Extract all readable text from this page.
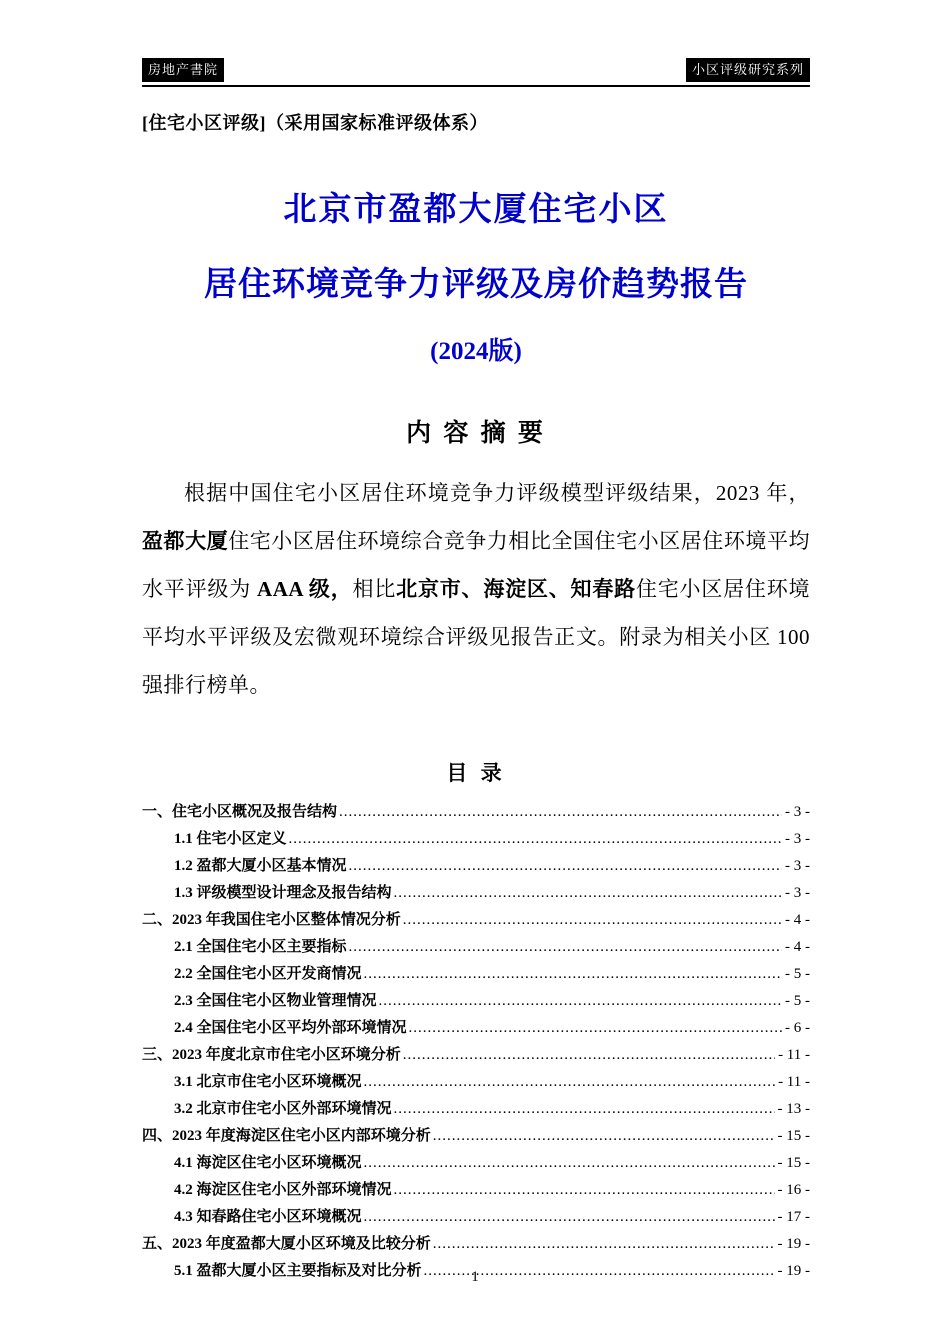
房地产書院	小区评级研究系列
[住宅小区评级]（采用国家标准评级体系）
北京市盈都大厦住宅小区
居住环境竞争力评级及房价趋势报告
(2024版)
内 容 摘 要
根据中国住宅小区居住环境竞争力评级模型评级结果，2023 年，盈都大厦住宅小区居住环境综合竞争力相比全国住宅小区居住环境平均水平评级为 AAA 级，相比北京市、海淀区、知春路住宅小区居住环境平均水平评级及宏微观环境综合评级见报告正文。附录为相关小区 100 强排行榜单。
目 录
一、住宅小区概况及报告结构 .....	- 3 -
1.1 住宅小区定义 .....	- 3 -
1.2 盈都大厦小区基本情况 .....	- 3 -
1.3 评级模型设计理念及报告结构 .....	- 3 -
二、2023 年我国住宅小区整体情况分析 .....	- 4 -
2.1 全国住宅小区主要指标 .....	- 4 -
2.2 全国住宅小区开发商情况 .....	- 5 -
2.3 全国住宅小区物业管理情况 .....	- 5 -
2.4 全国住宅小区平均外部环境情况 .....	- 6 -
三、2023 年度北京市住宅小区环境分析 .....	- 11 -
3.1 北京市住宅小区环境概况 .....	- 11 -
3.2 北京市住宅小区外部环境情况 .....	- 13 -
四、2023 年度海淀区住宅小区内部环境分析 .....	- 15 -
4.1 海淀区住宅小区环境概况 .....	- 15 -
4.2 海淀区住宅小区外部环境情况 .....	- 16 -
4.3 知春路住宅小区环境概况 .....	- 17 -
五、2023 年度盈都大厦小区环境及比较分析 .....	- 19 -
5.1 盈都大厦小区主要指标及对比分析 .....	- 19 -
1
